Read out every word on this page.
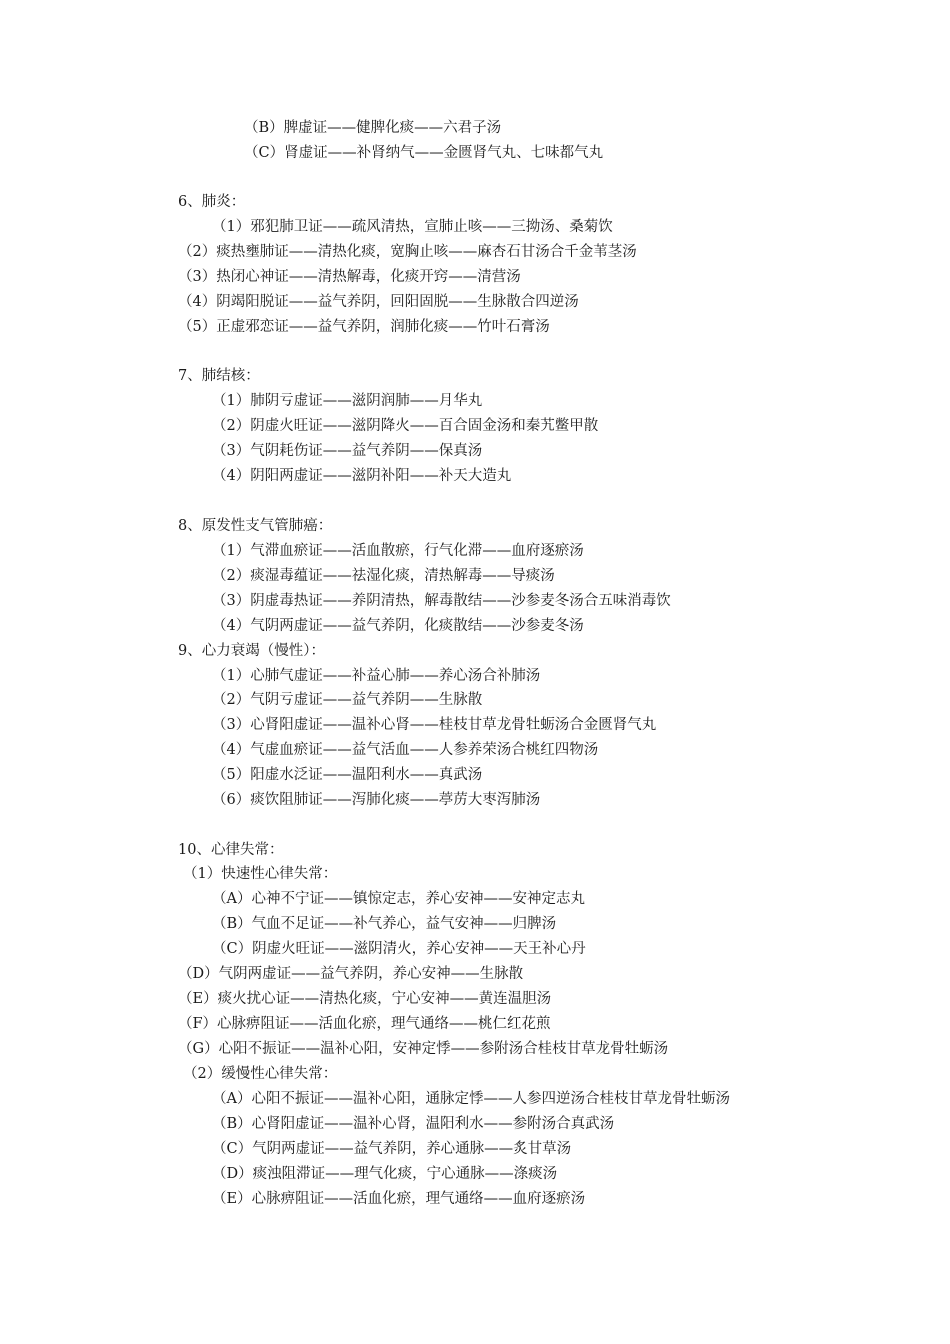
（B）脾虚证——健脾化痰——六君子汤
（C）肾虚证——补肾纳气——金匮肾气丸、七味都气丸
6、肺炎：
（1）邪犯肺卫证——疏风清热，宣肺止咳——三拗汤、桑菊饮
（2）痰热壅肺证——清热化痰，宽胸止咳——麻杏石甘汤合千金苇茎汤
（3）热闭心神证——清热解毒，化痰开窍——清营汤
（4）阴竭阳脱证——益气养阴，回阳固脱——生脉散合四逆汤
（5）正虚邪恋证——益气养阴，润肺化痰——竹叶石膏汤
7、肺结核：
（1）肺阴亏虚证——滋阴润肺——月华丸
（2）阴虚火旺证——滋阴降火——百合固金汤和秦艽鳖甲散
（3）气阴耗伤证——益气养阴——保真汤
（4）阴阳两虚证——滋阴补阳——补天大造丸
8、原发性支气管肺癌：
（1）气滞血瘀证——活血散瘀，行气化滞——血府逐瘀汤
（2）痰湿毒蕴证——祛湿化痰，清热解毒——导痰汤
（3）阴虚毒热证——养阴清热，解毒散结——沙参麦冬汤合五味消毒饮
（4）气阴两虚证——益气养阴，化痰散结——沙参麦冬汤
9、心力衰竭（慢性）：
（1）心肺气虚证——补益心肺——养心汤合补肺汤
（2）气阴亏虚证——益气养阴——生脉散
（3）心肾阳虚证——温补心肾——桂枝甘草龙骨牡蛎汤合金匮肾气丸
（4）气虚血瘀证——益气活血——人参养荣汤合桃红四物汤
（5）阳虚水泛证——温阳利水——真武汤
（6）痰饮阻肺证——泻肺化痰——葶苈大枣泻肺汤
10、心律失常：
（1）快速性心律失常：
（A）心神不宁证——镇惊定志，养心安神——安神定志丸
（B）气血不足证——补气养心，益气安神——归脾汤
（C）阴虚火旺证——滋阴清火，养心安神——天王补心丹
（D）气阴两虚证——益气养阴，养心安神——生脉散
（E）痰火扰心证——清热化痰，宁心安神——黄连温胆汤
（F）心脉痹阻证——活血化瘀，理气通络——桃仁红花煎
（G）心阳不振证——温补心阳，安神定悸——参附汤合桂枝甘草龙骨牡蛎汤
（2）缓慢性心律失常：
（A）心阳不振证——温补心阳，通脉定悸——人参四逆汤合桂枝甘草龙骨牡蛎汤
（B）心肾阳虚证——温补心肾，温阳利水——参附汤合真武汤
（C）气阴两虚证——益气养阴，养心通脉——炙甘草汤
（D）痰浊阻滞证——理气化痰，宁心通脉——涤痰汤
（E）心脉痹阻证——活血化瘀，理气通络——血府逐瘀汤
